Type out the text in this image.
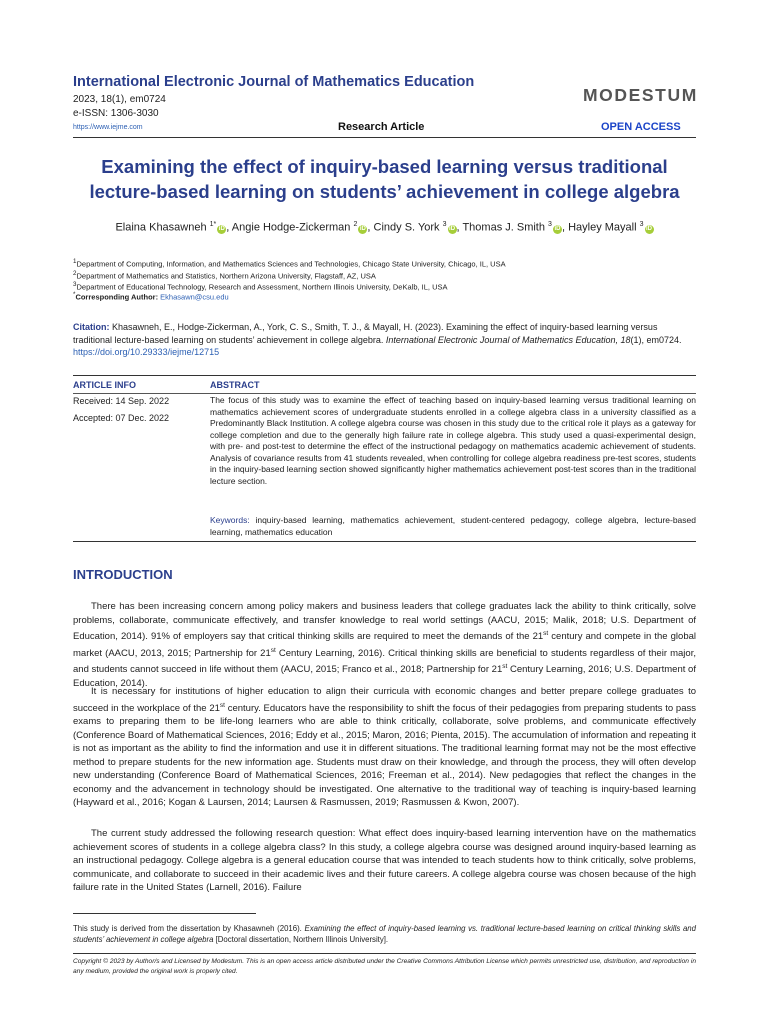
International Electronic Journal of Mathematics Education
2023, 18(1), em0724
e-ISSN: 1306-3030
https://www.iejme.com
MODESTUM
Research Article	OPEN ACCESS
Examining the effect of inquiry-based learning versus traditional lecture-based learning on students’ achievement in college algebra
Elaina Khasawneh $^{1*}$iD , Angie Hodge-Zickerman $^2$iD , Cindy S. York $^3$iD , Thomas J. Smith $^3$iD , Hayley Mayall $^3$iD
$^1$Department of Computing, Information, and Mathematics Sciences and Technologies, Chicago State University, Chicago, IL, USA
$^2$Department of Mathematics and Statistics, Northern Arizona University, Flagstaff, AZ, USA
$^3$Department of Educational Technology, Research and Assessment, Northern Illinois University, DeKalb, IL, USA
*Corresponding Author: Ekhasawn@csu.edu
Citation: Khasawneh, E., Hodge-Zickerman, A., York, C. S., Smith, T. J., & Mayall, H. (2023). Examining the effect of inquiry-based learning versus traditional lecture-based learning on students’ achievement in college algebra. International Electronic Journal of Mathematics Education, 18(1), em0724. https://doi.org/10.29333/iejme/12715
ARTICLE INFO	ABSTRACT
Received: 14 Sep. 2022
Accepted: 07 Dec. 2022
The focus of this study was to examine the effect of teaching based on inquiry-based learning versus traditional learning on mathematics achievement scores of undergraduate students enrolled in a college algebra class in a university classified as a Predominantly Black Institution. A college algebra course was chosen in this study due to the critical role it plays as a gateway for college completion and due to the generally high failure rate in college algebra. This study used a quasi-experimental design, with pre- and post-test to determine the effect of the instructional pedagogy on mathematics academic achievement of students. Analysis of covariance results from 41 students revealed, when controlling for college algebra readiness pre-test scores, students in the inquiry-based learning section showed significantly higher mathematics achievement post-test scores than in the traditional lecture section.
Keywords: inquiry-based learning, mathematics achievement, student-centered pedagogy, college algebra, lecture-based learning, mathematics education
INTRODUCTION
There has been increasing concern among policy makers and business leaders that college graduates lack the ability to think critically, solve problems, collaborate, communicate effectively, and transfer knowledge to real world settings (AACU, 2015; Malik, 2018; U.S. Department of Education, 2014). 91% of employers say that critical thinking skills are required to meet the demands of the 21st century and compete in the global market (AACU, 2013, 2015; Partnership for 21st Century Learning, 2016). Critical thinking skills are beneficial to students regardless of their major, and students cannot succeed in life without them (AACU, 2015; Franco et al., 2018; Partnership for 21st Century Learning, 2016; U.S. Department of Education, 2014).
It is necessary for institutions of higher education to align their curricula with economic changes and better prepare college graduates to succeed in the workplace of the 21st century. Educators have the responsibility to shift the focus of their pedagogies from preparing students to pass exams to preparing them to be life-long learners who are able to think critically, collaborate, solve problems, and communicate effectively (Conference Board of Mathematical Sciences, 2016; Eddy et al., 2015; Maron, 2016; Pienta, 2015). The accumulation of information and repeating it is not as important as the ability to find the information and use it in different situations. The traditional learning format may not be the most effective method to prepare students for the new information age. Students must draw on their knowledge, and through the process, they will often develop new understanding (Conference Board of Mathematical Sciences, 2016; Freeman et al., 2014). New pedagogies that reflect the changes in the economy and the advancement in technology should be investigated. One alternative to the traditional way of teaching is inquiry-based learning (Hayward et al., 2016; Kogan & Laursen, 2014; Laursen & Rasmussen, 2019; Rasmussen & Kwon, 2007).
The current study addressed the following research question: What effect does inquiry-based learning intervention have on the mathematics achievement scores of students in a college algebra class? In this study, a college algebra course was designed around inquiry-based learning as an instructional pedagogy. College algebra is a general education course that was intended to teach students how to think critically, solve problems, communicate, and collaborate to succeed in their academic lives and their future careers. A college algebra course was chosen because of the high failure rate in the United States (Larnell, 2016). Failure
This study is derived from the dissertation by Khasawneh (2016). Examining the effect of inquiry-based learning vs. traditional lecture-based learning on critical thinking skills and students’ achievement in college algebra [Doctoral dissertation, Northern Illinois University].
Copyright © 2023 by Author/s and Licensed by Modestum. This is an open access article distributed under the Creative Commons Attribution License which permits unrestricted use, distribution, and reproduction in any medium, provided the original work is properly cited.
